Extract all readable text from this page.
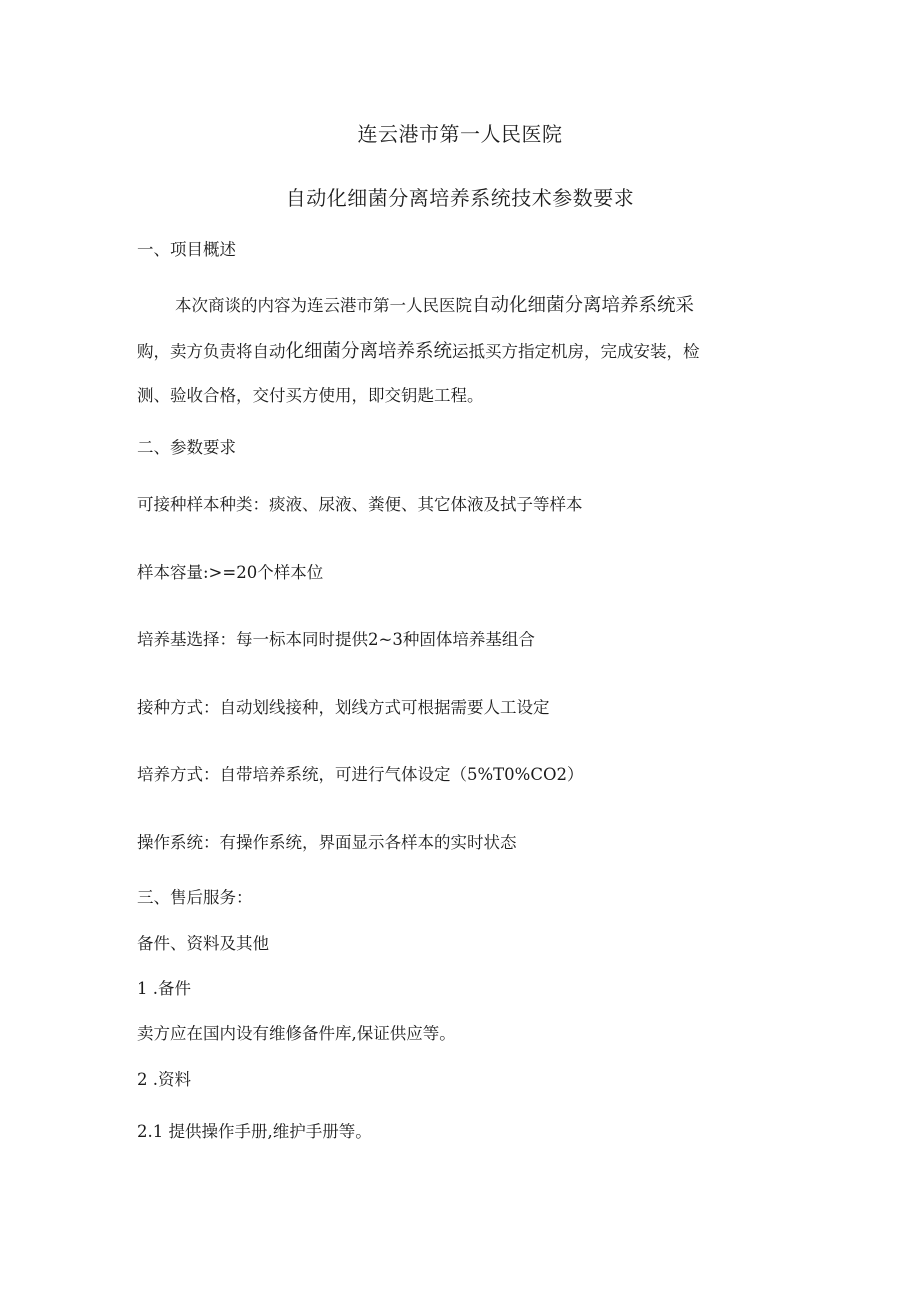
连云港市第一人民医院
自动化细菌分离培养系统技术参数要求
一、项目概述
本次商谈的内容为连云港市第一人民医院自动化细菌分离培养系统采
购，卖方负责将自动化细菌分离培养系统运抵买方指定机房，完成安装，检
测、验收合格，交付买方使用，即交钥匙工程。
二、参数要求
可接种样本种类：痰液、尿液、粪便、其它体液及拭子等样本
样本容量:>=20个样本位
培养基选择：每一标本同时提供2~3种固体培养基组合
接种方式：自动划线接种，划线方式可根据需要人工设定
培养方式：自带培养系统，可进行气体设定（5%T0%CO2）
操作系统：有操作系统，界面显示各样本的实时状态
三、售后服务：
备件、资料及其他
1 .备件
卖方应在国内设有维修备件库,保证供应等。
2 .资料
2.1 提供操作手册,维护手册等。
